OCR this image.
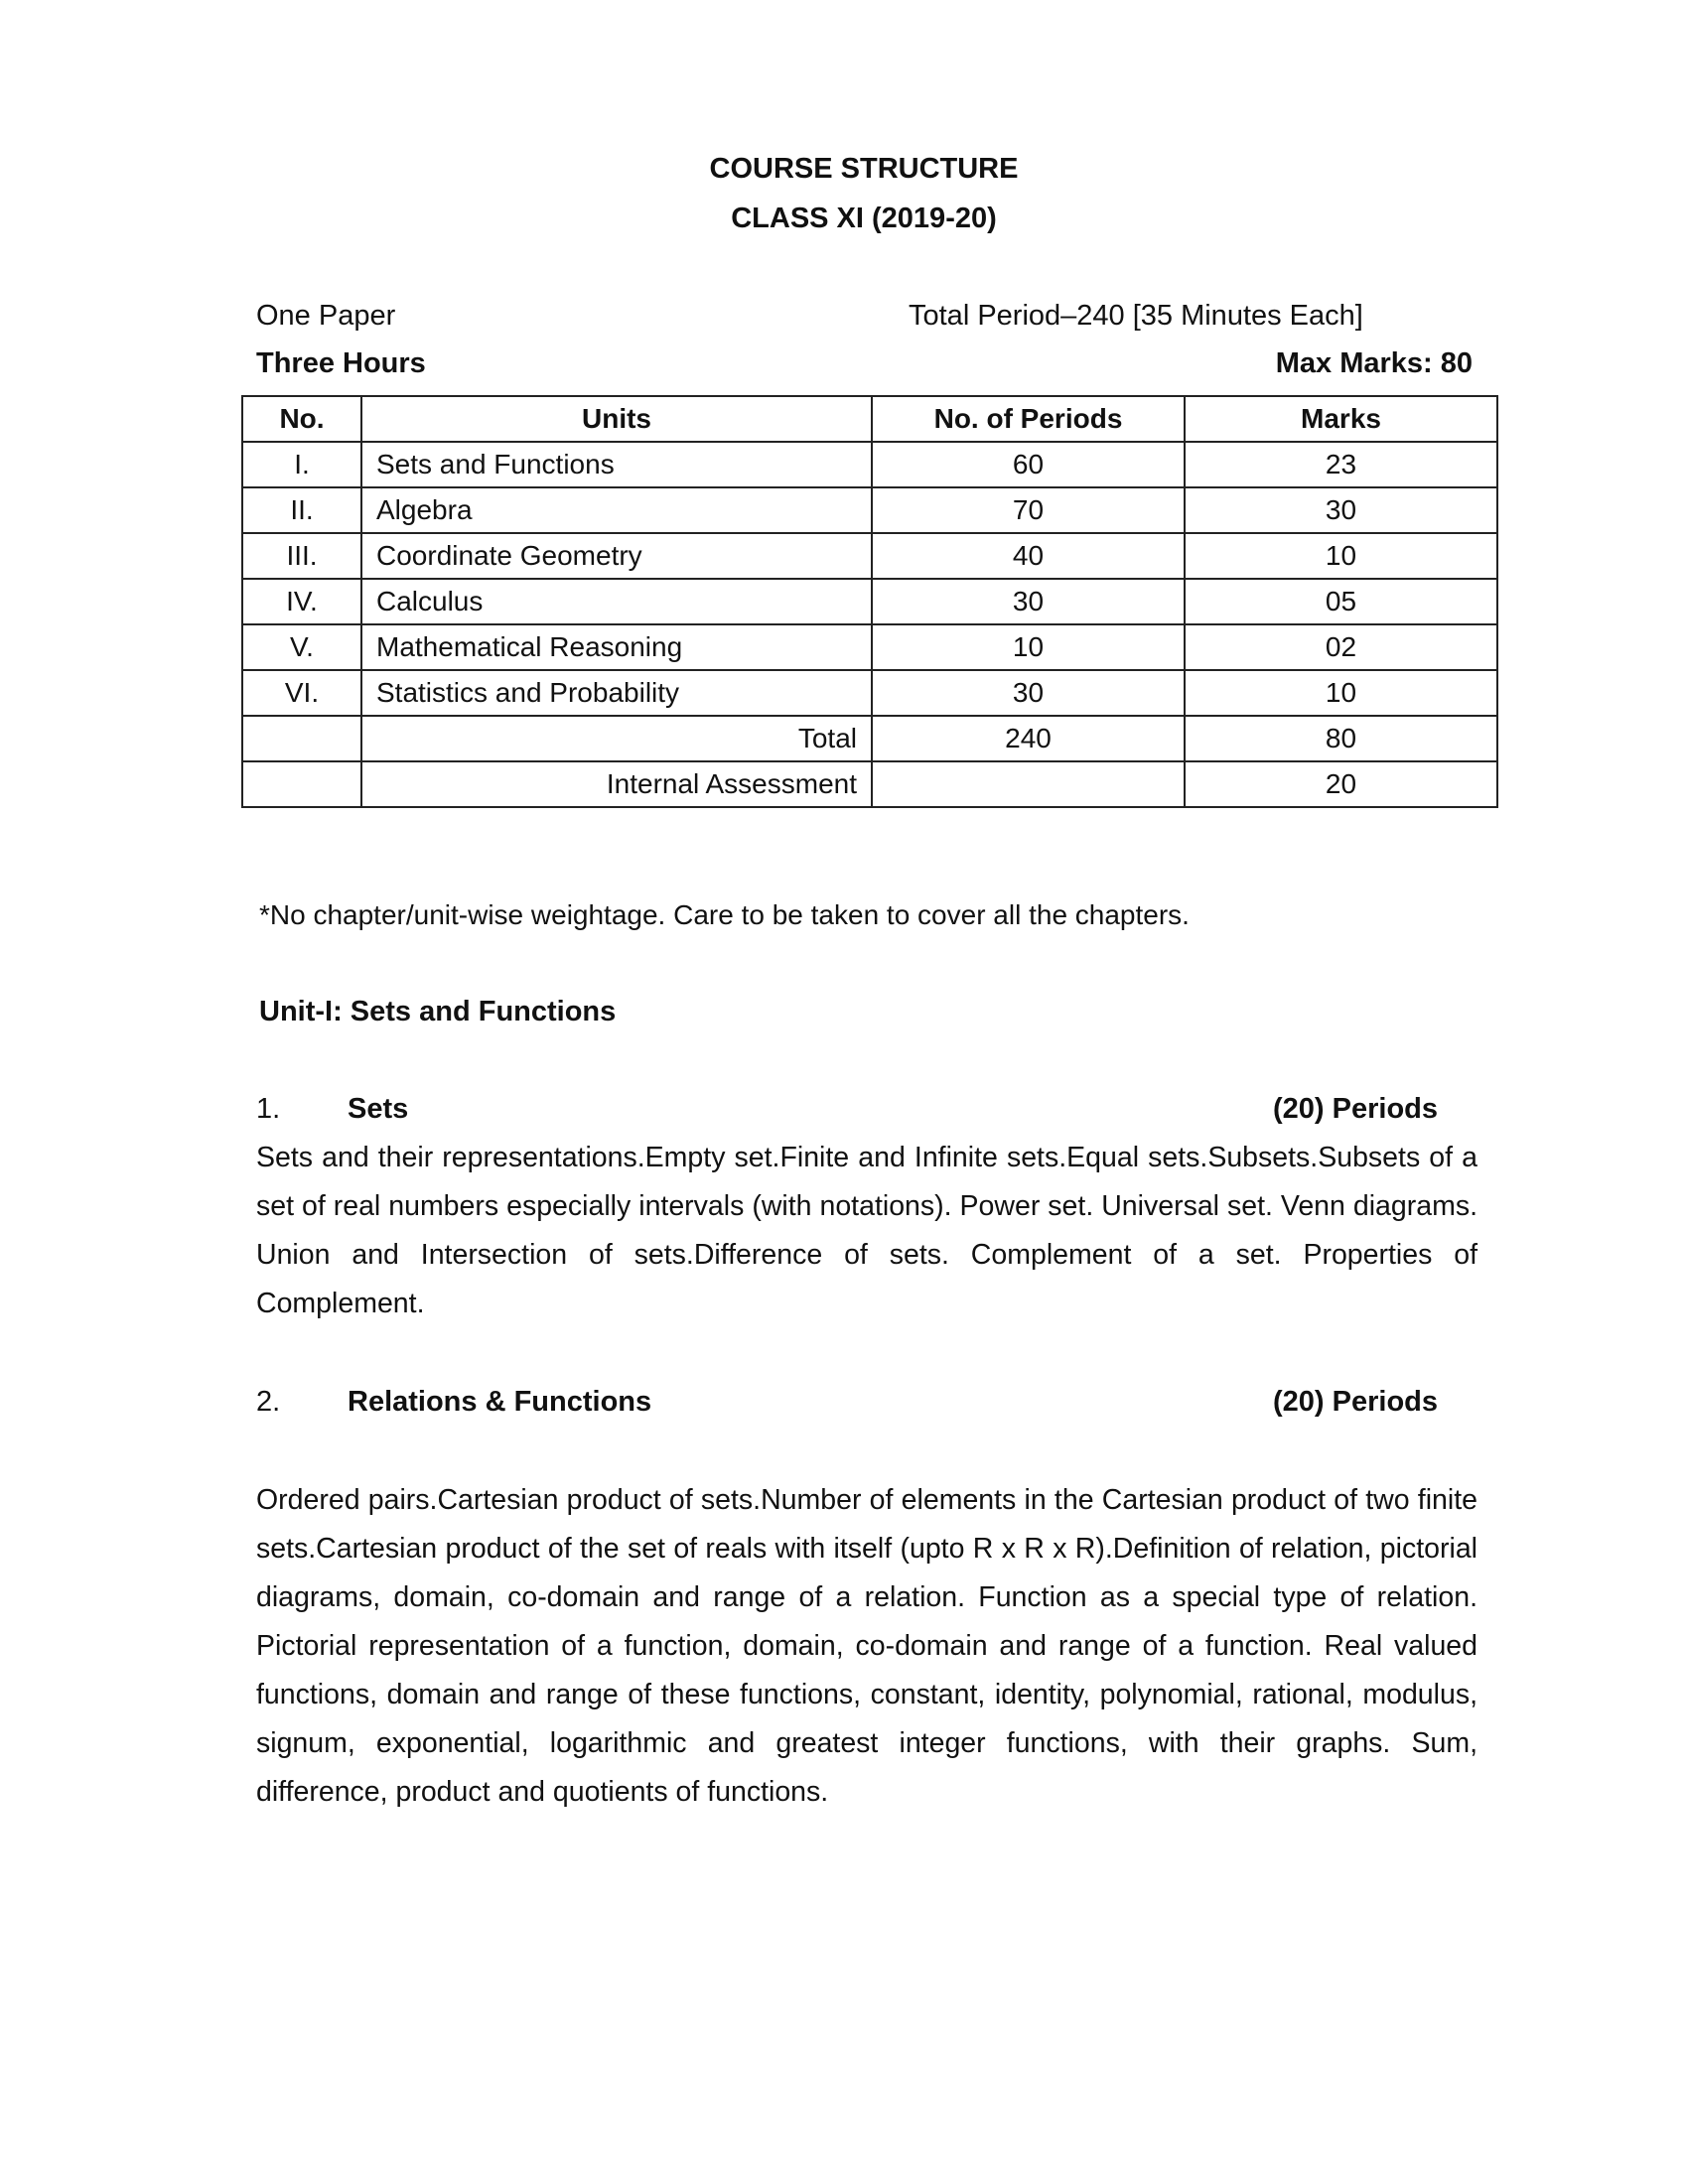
COURSE STRUCTURE
CLASS XI (2019-20)
One Paper	Total Period–240 [35 Minutes Each]
Three Hours	Max Marks: 80
No.	Units	No. of Periods	Marks
I.	Sets and Functions	60	23
II.	Algebra	70	30
III.	Coordinate Geometry	40	10
IV.	Calculus	30	05
V.	Mathematical Reasoning	10	02
VI.	Statistics and Probability	30	10
	Total	240	80
	Internal Assessment		20
*No chapter/unit-wise weightage. Care to be taken to cover all the chapters.
Unit-I: Sets and Functions
1. Sets	(20) Periods
Sets and their representations.Empty set.Finite and Infinite sets.Equal sets.Subsets.Subsets of a set of real numbers especially intervals (with notations). Power set. Universal set. Venn diagrams. Union and Intersection of sets.Difference of sets. Complement of a set. Properties of Complement.
2. Relations & Functions	(20) Periods
Ordered pairs.Cartesian product of sets.Number of elements in the Cartesian product of two finite sets.Cartesian product of the set of reals with itself (upto R x R x R).Definition of relation, pictorial diagrams, domain, co-domain and range of a relation. Function as a special type of relation. Pictorial representation of a function, domain, co-domain and range of a function. Real valued functions, domain and range of these functions, constant, identity, polynomial, rational, modulus, signum, exponential, logarithmic and greatest integer functions, with their graphs. Sum, difference, product and quotients of functions.
